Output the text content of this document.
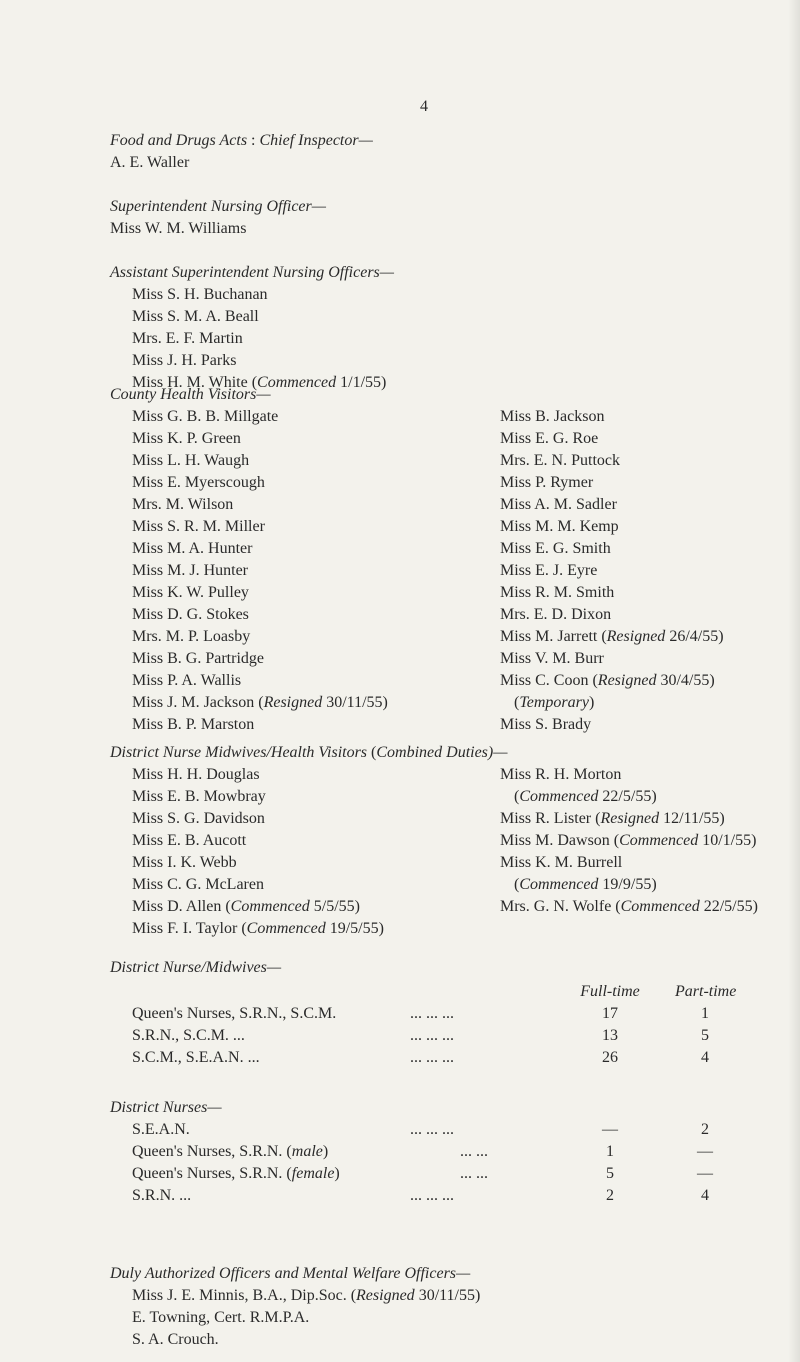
4
Food and Drugs Acts : Chief Inspector—
A. E. Waller
Superintendent Nursing Officer—
Miss W. M. Williams
Assistant Superintendent Nursing Officers—
Miss S. H. Buchanan
Miss S. M. A. Beall
Mrs. E. F. Martin
Miss J. H. Parks
Miss H. M. White (Commenced 1/1/55)
County Health Visitors—
Miss G. B. B. Millgate
Miss K. P. Green
Miss L. H. Waugh
Miss E. Myerscough
Mrs. M. Wilson
Miss S. R. M. Miller
Miss M. A. Hunter
Miss M. J. Hunter
Miss K. W. Pulley
Miss D. G. Stokes
Mrs. M. P. Loasby
Miss B. G. Partridge
Miss P. A. Wallis
Miss J. M. Jackson (Resigned 30/11/55)
Miss B. P. Marston
Miss B. Jackson
Miss E. G. Roe
Mrs. E. N. Puttock
Miss P. Rymer
Miss A. M. Sadler
Miss M. M. Kemp
Miss E. G. Smith
Miss E. J. Eyre
Miss R. M. Smith
Mrs. E. D. Dixon
Miss M. Jarrett (Resigned 26/4/55)
Miss V. M. Burr
Miss C. Coon (Resigned 30/4/55)
(Temporary)
Miss S. Brady
District Nurse Midwives/Health Visitors (Combined Duties)—
Miss H. H. Douglas
Miss E. B. Mowbray
Miss S. G. Davidson
Miss E. B. Aucott
Miss I. K. Webb
Miss C. G. McLaren
Miss D. Allen (Commenced 5/5/55)
Miss F. I. Taylor (Commenced 19/5/55)
Miss R. H. Morton
(Commenced 22/5/55)
Miss R. Lister (Resigned 12/11/55)
Miss M. Dawson (Commenced 10/1/55)
Miss K. M. Burrell
(Commenced 19/9/55)
Mrs. G. N. Wolfe (Commenced 22/5/55)
District Nurse/Midwives—
Full-time Part-time
Queen's Nurses, S.R.N., S.C.M.	... ... ...	17	1
S.R.N., S.C.M. ...	... ... ...	13	5
S.C.M., S.E.A.N. ...	... ... ...	26	4
District Nurses—
S.E.A.N.	... ... ...	—	2
Queen's Nurses, S.R.N. (male)	... ...	1	—
Queen's Nurses, S.R.N. (female)	... ...	5	—
S.R.N. ...	... ... ...	2	4
Duly Authorized Officers and Mental Welfare Officers—
Miss J. E. Minnis, B.A., Dip.Soc. (Resigned 30/11/55)
E. Towning, Cert. R.M.P.A.
S. A. Crouch.
